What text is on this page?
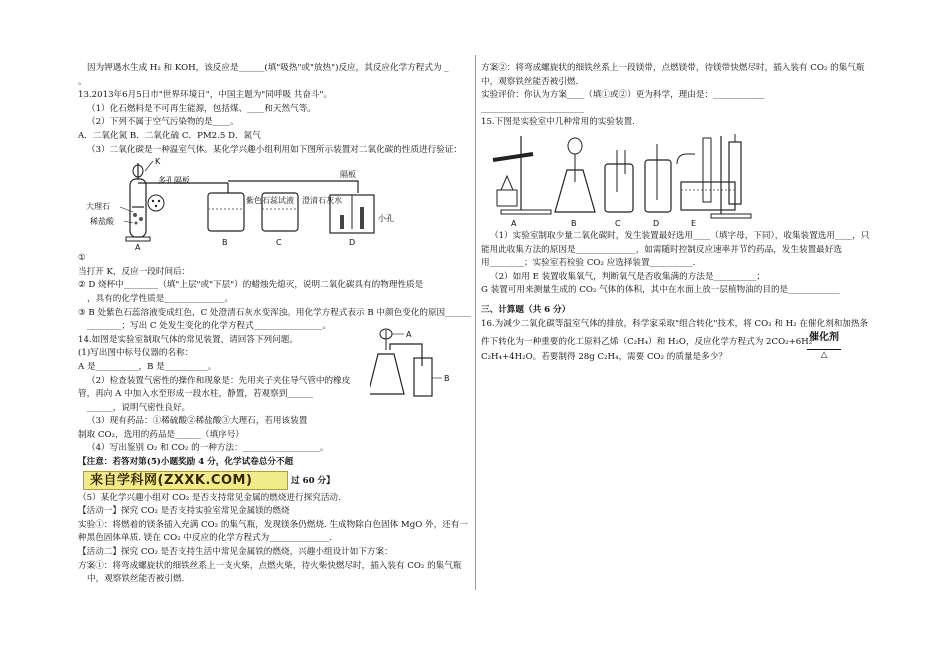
因为钾遇水生成 H₂ 和 KOH，该反应是______(填"吸热"或"放热")反应，其反应化学方程式为 _
。
13.2013年6月5日市"世界环境日"，中国主题为"同呼吸 共奋斗"。
（1）化石燃料是不可再生能源，包括煤、____和天然气等。
（2）下列不属于空气污染物的是____。
A．二氧化氮 B．二氧化硫 C．PM2.5 D．氮气
（3）二氧化碳是一种温室气体。某化学兴趣小组利用如下图所示装置对二氧化碳的性质进行验证：
K
多孔隔板
大理石
稀盐酸
紫色石蕊试液 澄清石灰水
隔板
小孔
A
B	C	D
①
当打开 K，反应一段时间后：
② D 烧杯中________（填"上层"或"下层"）的蜡烛先熄灭，说明二氧化碳具有的物理性质是
，具有的化学性质是______________。
③ B 处紫色石蕊溶液变成红色，C 处澄清石灰水变浑浊。用化学方程式表示 B 中颜色变化的原因______
________；写出 C 处发生变化的化学方程式________________。
14.如图是实验室制取气体的常见装置，请回答下列问题。
(1)写出图中标号仪器的名称：
A 是__________，B 是__________。
（2）检查装置气密性的操作和现象是：先用夹子夹住导气管中的橡皮
管，再向 A 中加入水至形成一段水柱，静置，若观察到______
______，说明气密性良好。
（3）现有药品：①稀硫酸②稀盐酸③大理石，若用该装置
制取 CO₂，选用的药品是______（填序号）
（4）写出鉴别 O₂ 和 CO₂ 的一种方法：__________________。
A
B
【注意：若答对第(5)小题奖励 4 分，化学试卷总分不超
来自学科网(ZXXK.COM)	过 60 分】
（5）某化学兴趣小组对 CO₂ 是否支持常见金属的燃烧进行探究活动.
【活动一】探究 CO₂ 是否支持实验室常见金属镁的燃烧
实验①：将燃着的镁条插入充满 CO₂ 的集气瓶，发现镁条仍燃烧. 生成物除白色固体 MgO 外，还有一
种黑色固体单质. 镁在 CO₂ 中反应的化学方程式为______________.
【活动二】探究 CO₂ 是否支持生活中常见金属铁的燃烧，兴趣小组设计如下方案：
方案①：将弯成螺旋状的细铁丝系上一支火柴，点燃火柴，待火柴快燃尽时，插入装有 CO₂ 的集气瓶
中，观察铁丝能否被引燃.
方案②：将弯成螺旋状的细铁丝系上一段镁带，点燃镁带，待镁带快燃尽时，插入装有 CO₂ 的集气瓶
中，观察铁丝能否被引燃.
实验评价：你认为方案____（填①或②）更为科学，理由是：____________
________________________
15.下图是实验室中几种常用的实验装置.
A	B	C	D	E
（1）实验室制取少量二氧化碳时，发生装置最好选用____（填字母，下同），收集装置选用____，只
能用此收集方法的原因是______________，如需随时控制反应速率并节约药品，发生装置最好选
用________；实验室若检验 CO₂ 应选择装置__________.
（2）如用 E 装置收集氧气，判断氧气是否收集满的方法是__________；
G 装置可用来测量生成的 CO₂ 气体的体积，其中在水面上放一层植物油的目的是____________
三、计算题（共 6 分）
16.为减少二氧化碳等温室气体的排放，科学家采取"组合转化"技术，将 CO₂ 和 H₂ 在催化剂和加热条
件下转化为一种重要的化工原料乙烯（C₂H₄）和 H₂O，反应化学方程式为 2CO₂+6H₂
催化剂
△
C₂H₄+4H₂O。若要制得 28g C₂H₄，需要 CO₂ 的质量是多少？
